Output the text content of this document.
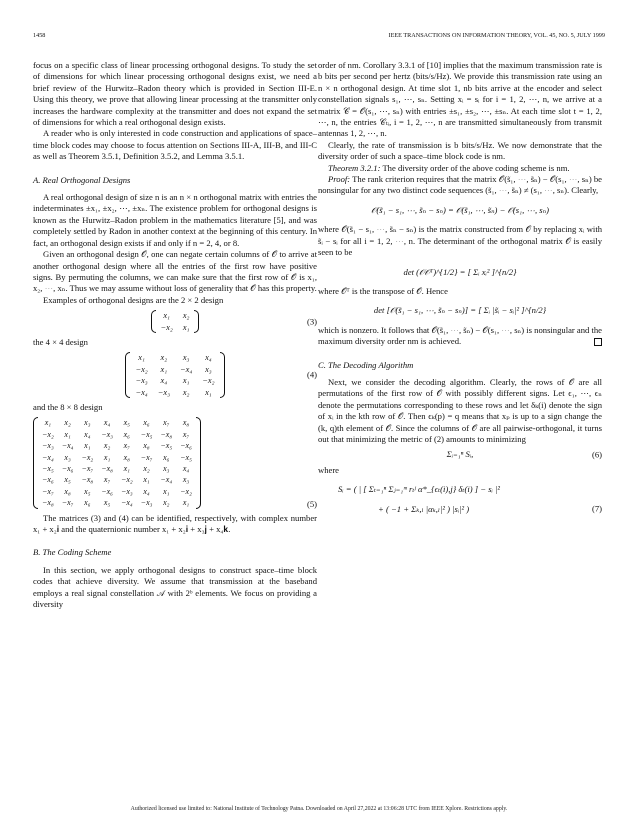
1458	IEEE TRANSACTIONS ON INFORMATION THEORY, VOL. 45, NO. 5, JULY 1999

focus on a specific class of linear processing orthogonal designs. To study the set of dimensions for which linear processing orthogonal designs exist, we need a brief review of the Hurwitz–Radon theory which is provided in Section III-E. Using this theory, we prove that allowing linear processing at the transmitter only increases the hardware complexity at the transmitter and does not expand the set of dimensions for which a real orthogonal design exists.

A reader who is only interested in code construction and applications of space–time block codes may choose to focus attention on Sections III-A, III-B, and III-C as well as Theorem 3.5.1, Definition 3.5.2, and Lemma 3.5.1.

A. Real Orthogonal Designs

A real orthogonal design of size n is an n × n orthogonal matrix with entries the indeterminates ±x₁, ±x₂, ⋯, ±xₙ. The existence problem for orthogonal designs is known as the Hurwitz–Radon problem in the mathematics literature [5], and was completely settled by Radon in another context at the beginning of this century. In fact, an orthogonal design exists if and only if n = 2, 4, or 8.

Given an orthogonal design 𝒪, one can negate certain columns of 𝒪 to arrive at another orthogonal design where all the entries of the first row have positive signs. By permuting the columns, we can make sure that the first row of 𝒪 is x₁, x₂, ⋯, xₙ. Thus we may assume without loss of generality that 𝒪 has this property.

Examples of orthogonal designs are the 2 × 2 design

x₁	x₂
−x₂	x₁
(3)

the 4 × 4 design

x₁	x₂	x₃	x₄
−x₂	x₁	−x₄	x₃
−x₃	x₄	x₁	−x₂
−x₄	−x₃	x₂	x₁
(4)

and the 8 × 8 design

x₁	x₂	x₃	x₄	x₅	x₆	x₇	x₈
−x₂	x₁	x₄	−x₃	x₆	−x₅	−x₈	x₇
−x₃	−x₄	x₁	x₂	x₇	x₈	−x₅	−x₆
−x₄	x₃	−x₂	x₁	x₈	−x₇	x₆	−x₅
−x₅	−x₆	−x₇	−x₈	x₁	x₂	x₃	x₄
−x₆	x₅	−x₈	x₇	−x₂	x₁	−x₄	x₃
−x₇	x₈	x₅	−x₆	−x₃	x₄	x₁	−x₂
−x₈	−x₇	x₆	x₅	−x₄	−x₃	x₂	x₁	(5)

The matrices (3) and (4) can be identified, respectively, with complex number x₁ + x₂𝐢 and the quaternionic number x₁ + x₂𝐢 + x₃𝐣 + x₄𝐤.

B. The Coding Scheme

In this section, we apply orthogonal designs to construct space–time block codes that achieve diversity. We assume that transmission at the baseband employs a real signal constellation 𝒜 with 2ᵇ elements. We focus on providing a diversity

order of nm. Corollary 3.3.1 of [10] implies that the maximum transmission rate is b bits per second per hertz (bits/s/Hz). We provide this transmission rate using an n × n orthogonal design. At time slot 1, nb bits arrive at the encoder and select constellation signals s₁, ⋯, sₙ. Setting xᵢ = sᵢ for i = 1, 2, ⋯, n, we arrive at a matrix 𝒞 = 𝒪(s₁, ⋯, sₙ) with entries ±s₁, ±s₂, ⋯, ±sₙ. At each time slot t = 1, 2, ⋯, n, the entries 𝒞ₜᵢ, i = 1, 2, ⋯, n are transmitted simultaneously from transmit antennas 1, 2, ⋯, n.

Clearly, the rate of transmission is b bits/s/Hz. We now demonstrate that the diversity order of such a space–time block code is nm.

Theorem 3.2.1: The diversity order of the above coding scheme is nm.

Proof: The rank criterion requires that the matrix 𝒪(s̃₁, ⋯, s̃ₙ) − 𝒪(s₁, ⋯, sₙ) be nonsingular for any two distinct code sequences (s̃₁, ⋯, s̃ₙ) ≠ (s₁, ⋯, sₙ). Clearly,

𝒪(s̃₁ − s₁, ⋯, s̃ₙ − sₙ) = 𝒪(s̃₁, ⋯, s̃ₙ) − 𝒪(s₁, ⋯, sₙ)

where 𝒪(s̃₁ − s₁, ⋯, s̃ₙ − sₙ) is the matrix constructed from 𝒪 by replacing xᵢ with s̃ᵢ − sᵢ for all i = 1, 2, ⋯, n. The determinant of the orthogonal matrix 𝒪 is easily seen to be

det (𝒪𝒪ᵀ)^{1/2} = [ Σᵢ xᵢ² ]^{n/2}

where 𝒪ᵀ is the transpose of 𝒪. Hence

det [𝒪(s̃₁ − s₁, ⋯, s̃ₙ − sₙ)] = [ Σᵢ |s̃ᵢ − sᵢ|² ]^{n/2}

which is nonzero. It follows that 𝒪(s̃₁, ⋯, s̃ₙ) − 𝒪(s₁, ⋯, sₙ) is nonsingular and the maximum diversity order nm is achieved.

C. The Decoding Algorithm

Next, we consider the decoding algorithm. Clearly, the rows of 𝒪 are all permutations of the first row of 𝒪 with possibly different signs. Let ϵ₁, ⋯, ϵₙ denote the permutations corresponding to these rows and let δₖ(i) denote the sign of xᵢ in the kth row of 𝒪. Then ϵₖ(p) = q means that xₚ is up to a sign change the (k, q)th element of 𝒪. Since the columns of 𝒪 are all pairwise-orthogonal, it turns out that minimizing the metric of (2) amounts to minimizing

Σᵢ₌₁ⁿ Sᵢ,	(6)

where

Sᵢ = ( | [ Σₜ₌₁ⁿ Σⱼ₌₁ᵐ rₜʲ α*_{ϵₜ(i),j} δₜ(i) ] − sᵢ |²
+ ( −1 + Σₖ,ₗ |αₖ,ₗ|² ) |sᵢ|² )	(7)
Authorized licensed use limited to: National Institute of Technology Patna. Downloaded on April 27,2022 at 13:06:28 UTC from IEEE Xplore. Restrictions apply.
